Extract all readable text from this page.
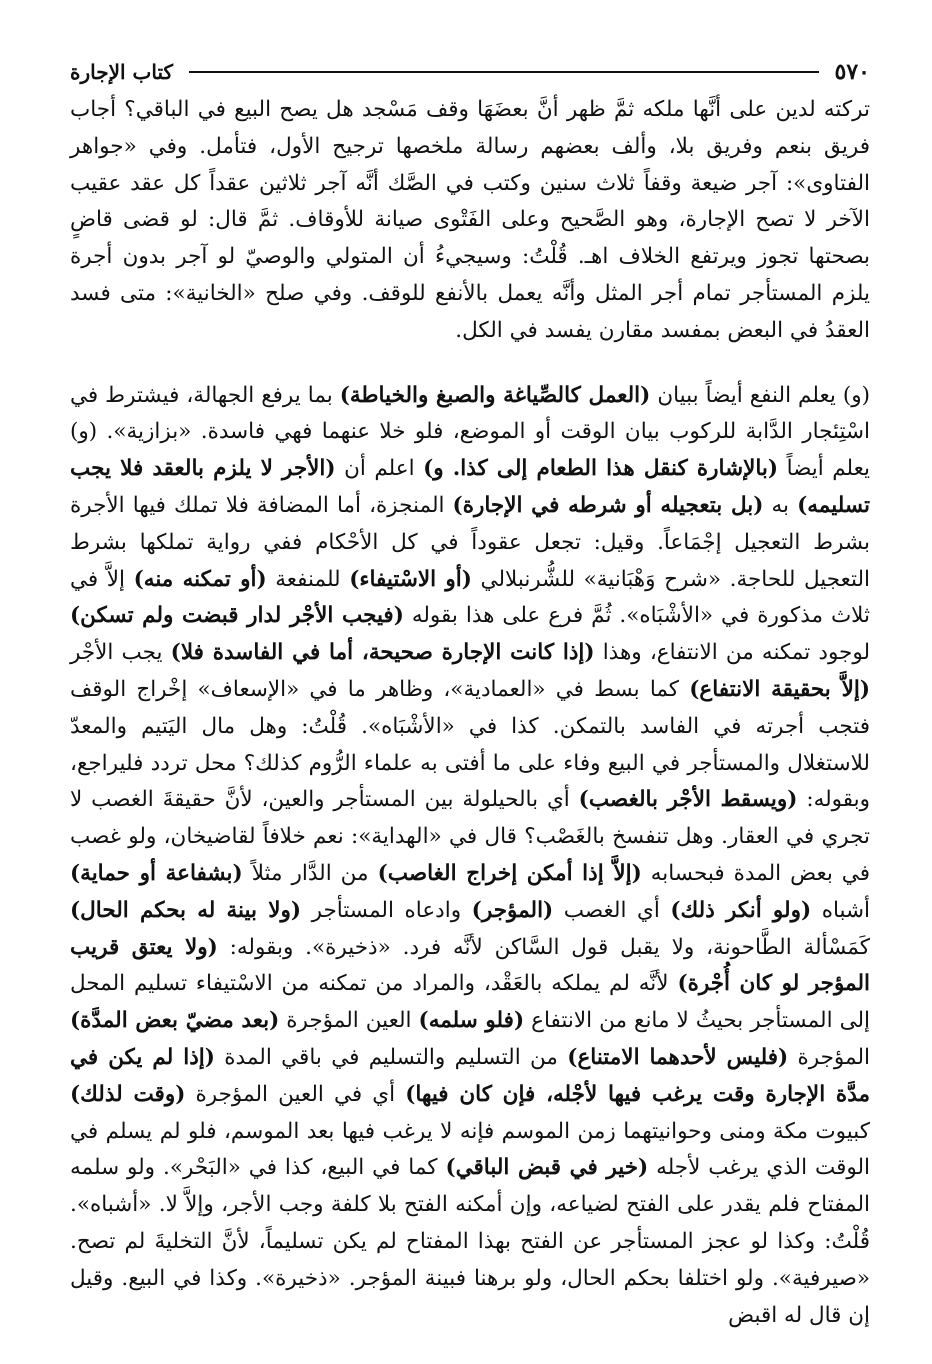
٥٧٠
كتاب الإجارة

تركته لدين على أنَّها ملكه ثمَّ ظهر أنَّ بعضَهَا وقف مَسْجد هل يصح البيع في الباقي؟ أجاب فريق بنعم وفريق بلا، وألف بعضهم رسالة ملخصها ترجيح الأول، فتأمل. وفي «جواهر الفتاوى»: آجر ضيعة وقفاً ثلاث سنين وكتب في الصَّك أنَّه آجر ثلاثين عقداً كل عقد عقيب الآخر لا تصح الإجارة، وهو الصَّحيح وعلى الفَتْوى صيانة للأوقاف. ثمَّ قال: لو قضى قاضٍ بصحتها تجوز ويرتفع الخلاف اهـ. قُلْتُ: وسيجيءُ أن المتولي والوصيّ لو آجر بدون أجرة يلزم المستأجر تمام أجر المثل وأنَّه يعمل بالأنفع للوقف. وفي صلح «الخانية»: متى فسد العقدُ في البعض بمفسد مقارن يفسد في الكل.

(و) يعلم النفع أيضاً ببيان (العمل كالصِّياغة والصبغ والخياطة) بما يرفع الجهالة، فيشترط في اسْتِئجار الدَّابة للركوب بيان الوقت أو الموضع، فلو خلا عنهما فهي فاسدة. «بزازية». (و) يعلم أيضاً (بالإشارة كنقل هذا الطعام إلى كذا. و) اعلم أن (الأجر لا يلزم بالعقد فلا يجب تسليمه) به (بل بتعجيله أو شرطه في الإجارة) المنجزة، أما المضافة فلا تملك فيها الأجرة بشرط التعجيل إجْمَاعاً. وقيل: تجعل عقوداً في كل الأحْكام ففي رواية تملكها بشرط التعجيل للحاجة. «شرح وَهْبَانية» للشُّرنبلالي (أو الاسْتيفاء) للمنفعة (أو تمكنه منه) إلاَّ في ثلاث مذكورة في «الأشْبَاه». ثُمَّ فرع على هذا بقوله (فيجب الأجْر لدار قبضت ولم تسكن) لوجود تمكنه من الانتفاع، وهذا (إذا كانت الإجارة صحيحة، أما في الفاسدة فلا) يجب الأجْر (إلاَّ بحقيقة الانتفاع) كما بسط في «العمادية»، وظاهر ما في «الإسعاف» إخْراج الوقف فتجب أجرته في الفاسد بالتمكن. كذا في «الأشْبَاه». قُلْتُ: وهل مال اليَتيم والمعدّ للاستغلال والمستأجر في البيع وفاء على ما أفتى به علماء الرُّوم كذلك؟ محل تردد فليراجع، وبقوله: (ويسقط الأجْر بالغصب) أي بالحيلولة بين المستأجر والعين، لأنَّ حقيقةَ الغصب لا تجري في العقار. وهل تنفسخ بالغَصْب؟ قال في «الهداية»: نعم خلافاً لقاضيخان، ولو غصب في بعض المدة فبحسابه (إلاَّ إذا أمكن إخراج الغاصب) من الدَّار مثلاً (بشفاعة أو حماية) أشباه (ولو أنكر ذلك) أي الغصب (المؤجر) وادعاه المستأجر (ولا بينة له بحكم الحال) كَمَسْألة الطَّاحونة، ولا يقبل قول السَّاكن لأنَّه فرد. «ذخيرة». وبقوله: (ولا يعتق قريب المؤجر لو كان أُجْرة) لأنَّه لم يملكه بالعَقْد، والمراد من تمكنه من الاسْتيفاء تسليم المحل إلى المستأجر بحيثُ لا مانع من الانتفاع (فلو سلمه) العين المؤجرة (بعد مضيّ بعض المدَّة) المؤجرة (فليس لأحدهما الامتناع) من التسليم والتسليم في باقي المدة (إذا لم يكن في مدَّة الإجارة وقت يرغب فيها لأجْله، فإن كان فيها) أي في العين المؤجرة (وقت لذلك) كبيوت مكة ومنى وحوانيتهما زمن الموسم فإنه لا يرغب فيها بعد الموسم، فلو لم يسلم في الوقت الذي يرغب لأجله (خير في قبض الباقي) كما في البيع، كذا في «البَحْر». ولو سلمه المفتاح فلم يقدر على الفتح لضياعه، وإن أمكنه الفتح بلا كلفة وجب الأجر، وإلاَّ لا. «أشباه». قُلْتُ: وكذا لو عجز المستأجر عن الفتح بهذا المفتاح لم يكن تسليماً، لأنَّ التخليةَ لم تصح. «صيرفية». ولو اختلفا بحكم الحال، ولو برهنا فبينة المؤجر. «ذخيرة». وكذا في البيع. وقيل إن قال له اقبض
